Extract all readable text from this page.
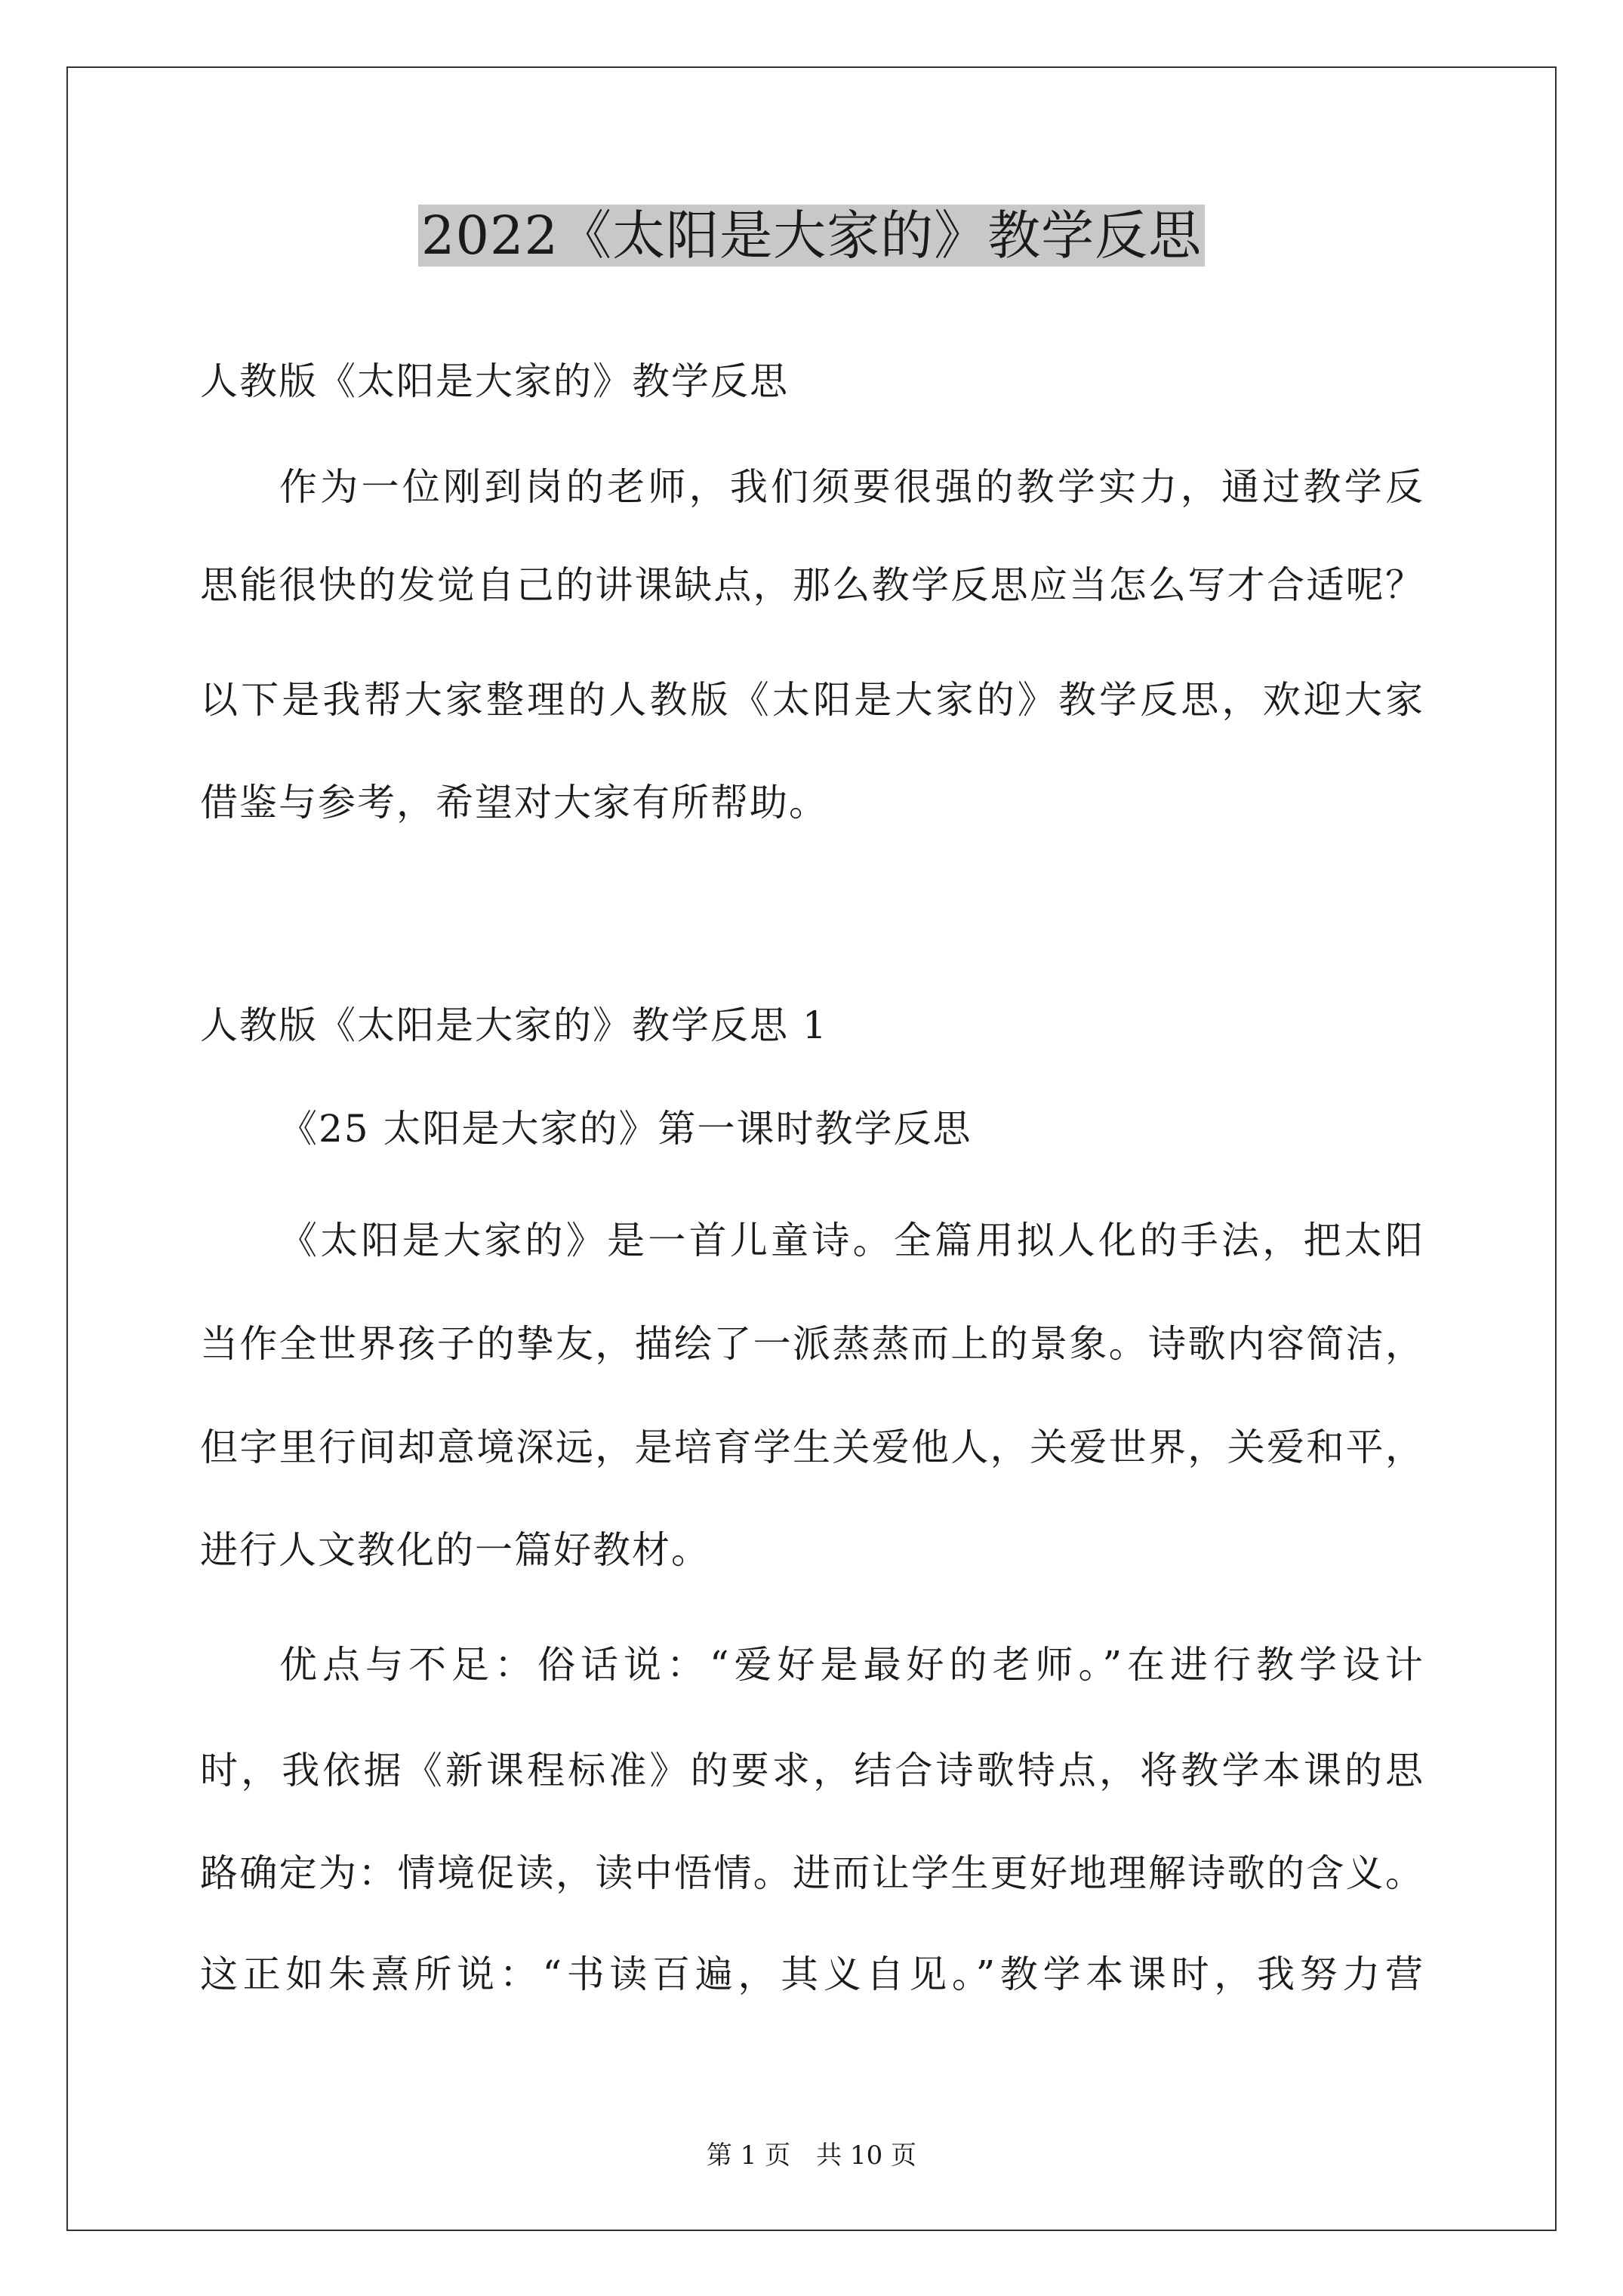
2022《太阳是大家的》教学反思
人教版《太阳是大家的》教学反思
作为一位刚到岗的老师，我们须要很强的教学实力，通过教学反
思能很快的发觉自己的讲课缺点，那么教学反思应当怎么写才合适呢？
以下是我帮大家整理的人教版《太阳是大家的》教学反思，欢迎大家
借鉴与参考，希望对大家有所帮助。
人教版《太阳是大家的》教学反思 1
《25 太阳是大家的》第一课时教学反思
《太阳是大家的》是一首儿童诗。全篇用拟人化的手法，把太阳
当作全世界孩子的挚友，描绘了一派蒸蒸而上的景象。诗歌内容简洁，
但字里行间却意境深远，是培育学生关爱他人，关爱世界，关爱和平，
进行人文教化的一篇好教材。
优点与不足：俗话说：“爱好是最好的老师。”在进行教学设计
时，我依据《新课程标准》的要求，结合诗歌特点，将教学本课的思
路确定为：情境促读，读中悟情。进而让学生更好地理解诗歌的含义。
这正如朱熹所说：“书读百遍，其义自见。”教学本课时，我努力营
第 1 页　共 10 页
